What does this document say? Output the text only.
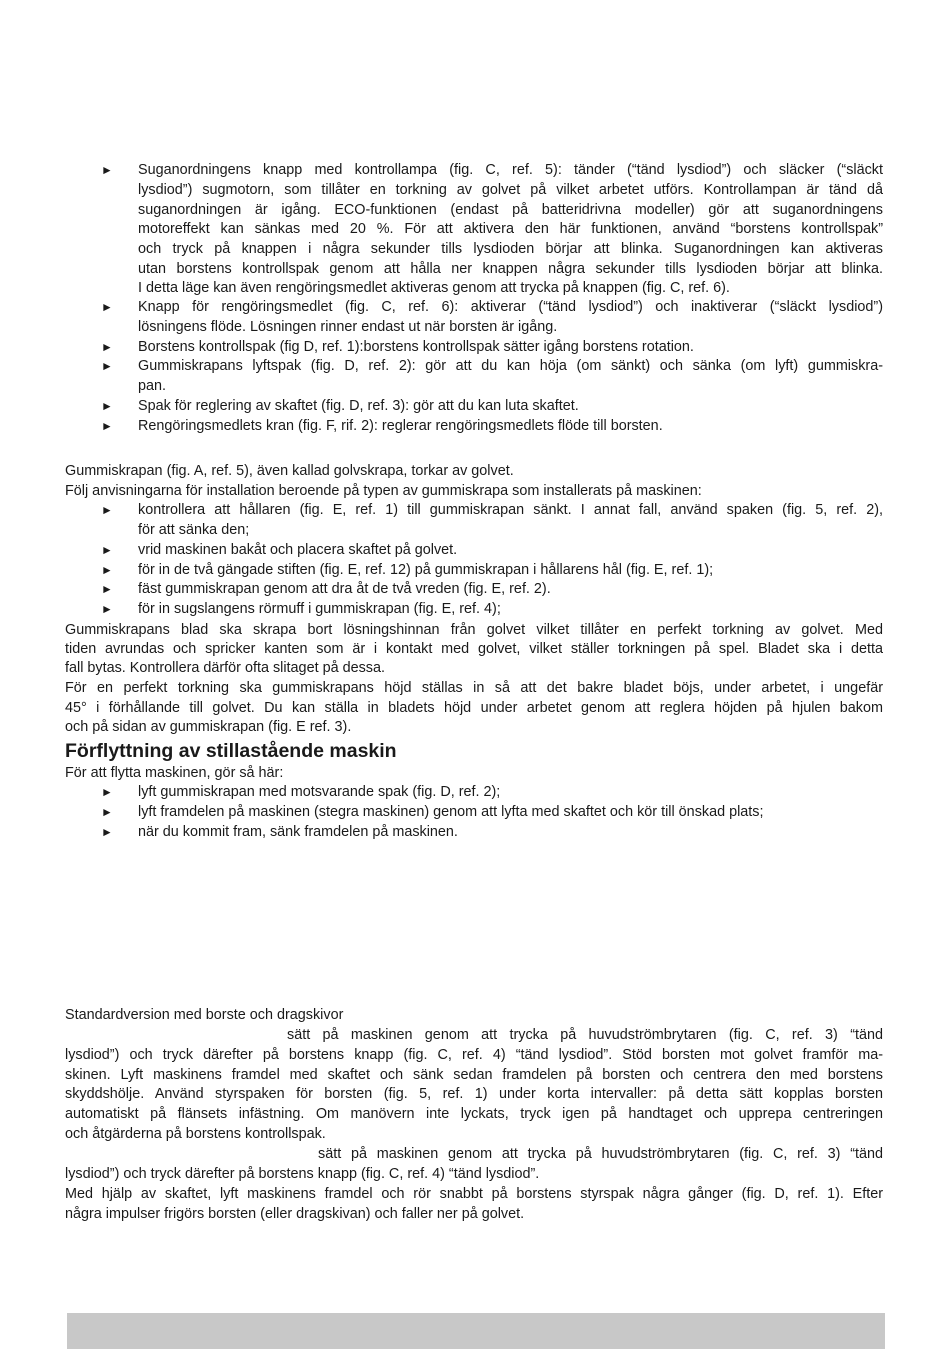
► Suganordningens knapp med kontrollampa (fig. C, ref. 5): tänder (“tänd lysdiod”) och släcker (“släckt
lysdiod”) sugmotorn, som tillåter en torkning av golvet på vilket arbetet utförs. Kontrollampan är tänd då
suganordningen är igång. ECO-funktionen (endast på batteridrivna modeller) gör att suganordningens
motoreffekt kan sänkas med 20 %. För att aktivera den här funktionen, använd “borstens kontrollspak”
och tryck på knappen i några sekunder tills lysdioden börjar att blinka. Suganordningen kan aktiveras
utan borstens kontrollspak genom att hålla ner knappen några sekunder tills lysdioden börjar att blinka.
I detta läge kan även rengöringsmedlet aktiveras genom att trycka på knappen (fig. C, ref. 6).
► Knapp för rengöringsmedlet (fig. C, ref. 6): aktiverar (“tänd lysdiod”) och inaktiverar (“släckt lysdiod”)
lösningens flöde. Lösningen rinner endast ut när borsten är igång.
► Borstens kontrollspak (fig D, ref. 1):borstens kontrollspak sätter igång borstens rotation.
► Gummiskrapans lyftspak (fig. D, ref. 2): gör att du kan höja (om sänkt) och sänka (om lyft) gummiskra-
pan.
► Spak för reglering av skaftet (fig. D, ref. 3): gör att du kan luta skaftet.
► Rengöringsmedlets kran (fig. F, rif. 2): reglerar rengöringsmedlets flöde till borsten.
Gummiskrapan (fig. A, ref. 5), även kallad golvskrapa, torkar av golvet.
Följ anvisningarna för installation beroende på typen av gummiskrapa som installerats på maskinen:
► kontrollera att hållaren (fig. E, ref. 1) till gummiskrapan sänkt. I annat fall, använd spaken (fig. 5, ref. 2),
för att sänka den;
► vrid maskinen bakåt och placera skaftet på golvet.
► för in de två gängade stiften (fig. E, ref. 12) på gummiskrapan i hållarens hål (fig. E, ref. 1);
► fäst gummiskrapan genom att dra åt de två vreden (fig. E, ref. 2).
► för in sugslangens rörmuff i gummiskrapan (fig. E, ref. 4);
Gummiskrapans blad ska skrapa bort lösningshinnan från golvet vilket tillåter en perfekt torkning av golvet. Med
tiden avrundas och spricker kanten som är i kontakt med golvet, vilket ställer torkningen på spel. Bladet ska i detta
fall bytas. Kontrollera därför ofta slitaget på dessa.
För en perfekt torkning ska gummiskrapans höjd ställas in så att det bakre bladet böjs, under arbetet, i ungefär
45° i förhållande till golvet. Du kan ställa in bladets höjd under arbetet genom att reglera höjden på hjulen bakom
och på sidan av gummiskrapan (fig. E ref. 3).
Förflyttning av stillastående maskin
För att flytta maskinen, gör så här:
► lyft gummiskrapan med motsvarande spak (fig. D, ref. 2);
► lyft framdelen på maskinen (stegra maskinen) genom att lyfta med skaftet och kör till önskad plats;
► när du kommit fram, sänk framdelen på maskinen.
Standardversion med borste och dragskivor
sätt på maskinen genom att trycka på huvudströmbrytaren (fig. C, ref. 3) “tänd
lysdiod”) och tryck därefter på borstens knapp (fig. C, ref. 4) “tänd lysdiod”. Stöd borsten mot golvet framför ma-
skinen. Lyft maskinens framdel med skaftet och sänk sedan framdelen på borsten och centrera den med borstens
skyddshölje. Använd styrspaken för borsten (fig. 5, ref. 1) under korta intervaller: på detta sätt kopplas borsten
automatiskt på flänsets infästning. Om manövern inte lyckats, tryck igen på handtaget och upprepa centreringen
och åtgärderna på borstens kontrollspak.
sätt på maskinen genom att trycka på huvudströmbrytaren (fig. C, ref. 3) “tänd
lysdiod”) och tryck därefter på borstens knapp (fig. C, ref. 4) “tänd lysdiod”.
Med hjälp av skaftet, lyft maskinens framdel och rör snabbt på borstens styrspak några gånger (fig. D, ref. 1). Efter
några impulser frigörs borsten (eller dragskivan) och faller ner på golvet.
